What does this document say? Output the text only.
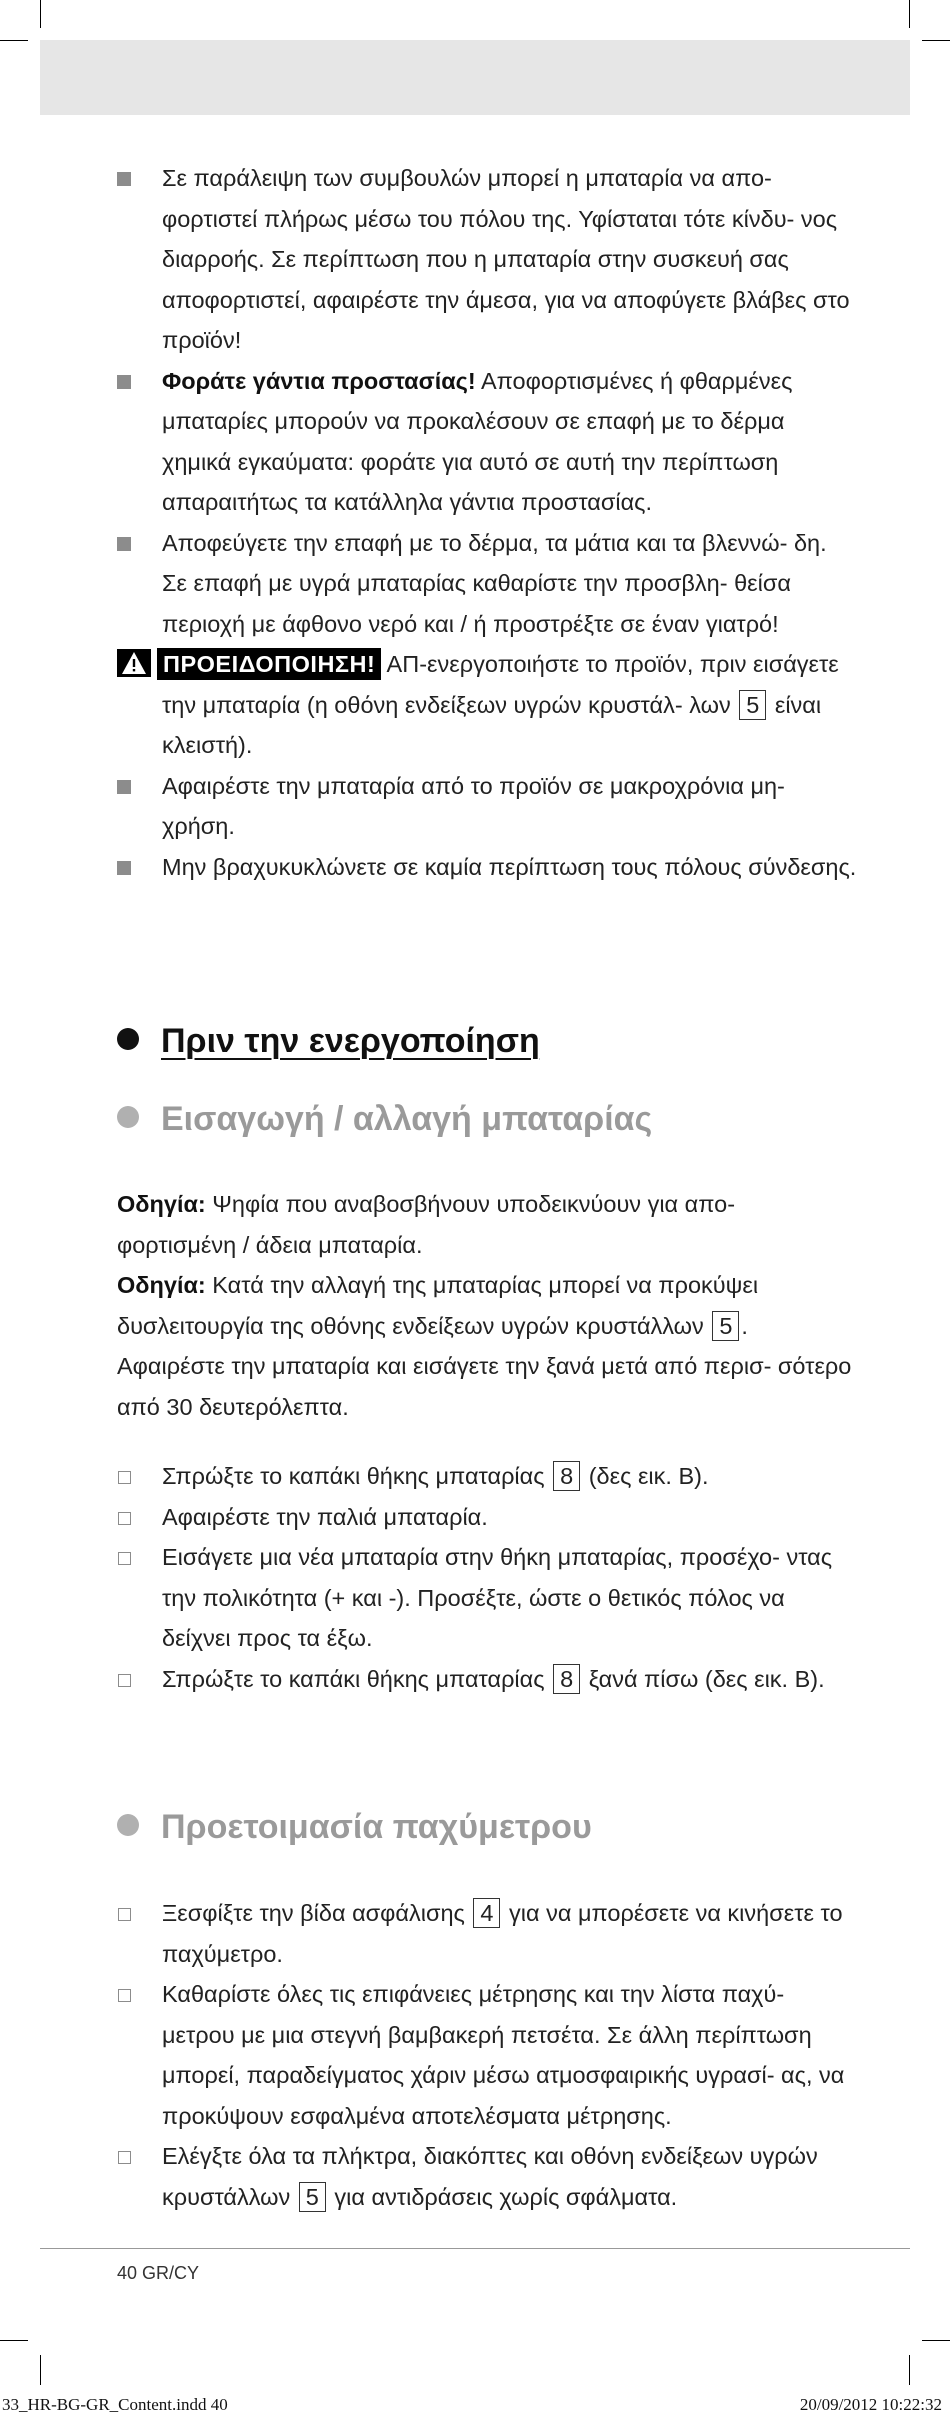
Σε παράλειψη των συμβουλών μπορεί η μπαταρία να απο- φορτιστεί πλήρως μέσω του πόλου της. Υφίσταται τότε κίνδυ- νος διαρροής. Σε περίπτωση που η μπαταρία στην συσκευή σας αποφορτιστεί, αφαιρέστε την άμεσα, για να αποφύγετε βλάβες στο προϊόν!
Φοράτε γάντια προστασίας! Αποφορτισμένες ή φθαρμένες μπαταρίες μπορούν να προκαλέσουν σε επαφή με το δέρμα χημικά εγκαύματα: φοράτε για αυτό σε αυτή την περίπτωση απαραιτήτως τα κατάλληλα γάντια προστασίας.
Αποφεύγετε την επαφή με το δέρμα, τα μάτια και τα βλεννώ- δη. Σε επαφή με υγρά μπαταρίας καθαρίστε την προσβλη- θείσα περιοχή με άφθονο νερό και / ή προστρέξτε σε έναν γιατρό!
ΠΡΟΕΙΔΟΠΟΙΗΣΗ! ΑΠ-ενεργοποιήστε το προϊόν, πριν εισάγετε την μπαταρία (η οθόνη ενδείξεων υγρών κρυστάλ- λων 5 είναι κλειστή).
Αφαιρέστε την μπαταρία από το προϊόν σε μακροχρόνια μη-χρήση.
Μην βραχυκυκλώνετε σε καμία περίπτωση τους πόλους σύνδεσης.
Πριν την ενεργοποίηση
Εισαγωγή / αλλαγή μπαταρίας
Οδηγία: Ψηφία που αναβοσβήνουν υποδεικνύουν για απο- φορτισμένη / άδεια μπαταρία.
Οδηγία: Κατά την αλλαγή της μπαταρίας μπορεί να προκύψει δυσλειτουργία της οθόνης ενδείξεων υγρών κρυστάλλων 5 . Αφαιρέστε την μπαταρία και εισάγετε την ξανά μετά από περισ- σότερο από 30 δευτερόλεπτα.
Σπρώξτε το καπάκι θήκης μπαταρίας 8 (δες εικ. B).
Αφαιρέστε την παλιά μπαταρία.
Εισάγετε μια νέα μπαταρία στην θήκη μπαταρίας, προσέχο- ντας την πολικότητα (+ και -). Προσέξτε, ώστε ο θετικός πόλος να δείχνει προς τα έξω.
Σπρώξτε το καπάκι θήκης μπαταρίας 8 ξανά πίσω (δες εικ. B).
Προετοιμασία παχύμετρου
Ξεσφίξτε την βίδα ασφάλισης 4 για να μπορέσετε να κινήσετε το παχύμετρο.
Καθαρίστε όλες τις επιφάνειες μέτρησης και την λίστα παχύ- μετρου με μια στεγνή βαμβακερή πετσέτα. Σε άλλη περίπτωση μπορεί, παραδείγματος χάριν μέσω ατμοσφαιρικής υγρασί- ας, να προκύψουν εσφαλμένα αποτελέσματα μέτρησης.
Ελέγξτε όλα τα πλήκτρα, διακόπτες και οθόνη ενδείξεων υγρών κρυστάλλων 5 για αντιδράσεις χωρίς σφάλματα.
40 GR/CY
33_HR-BG-GR_Content.indd 40	20/09/2012 10:22:32
